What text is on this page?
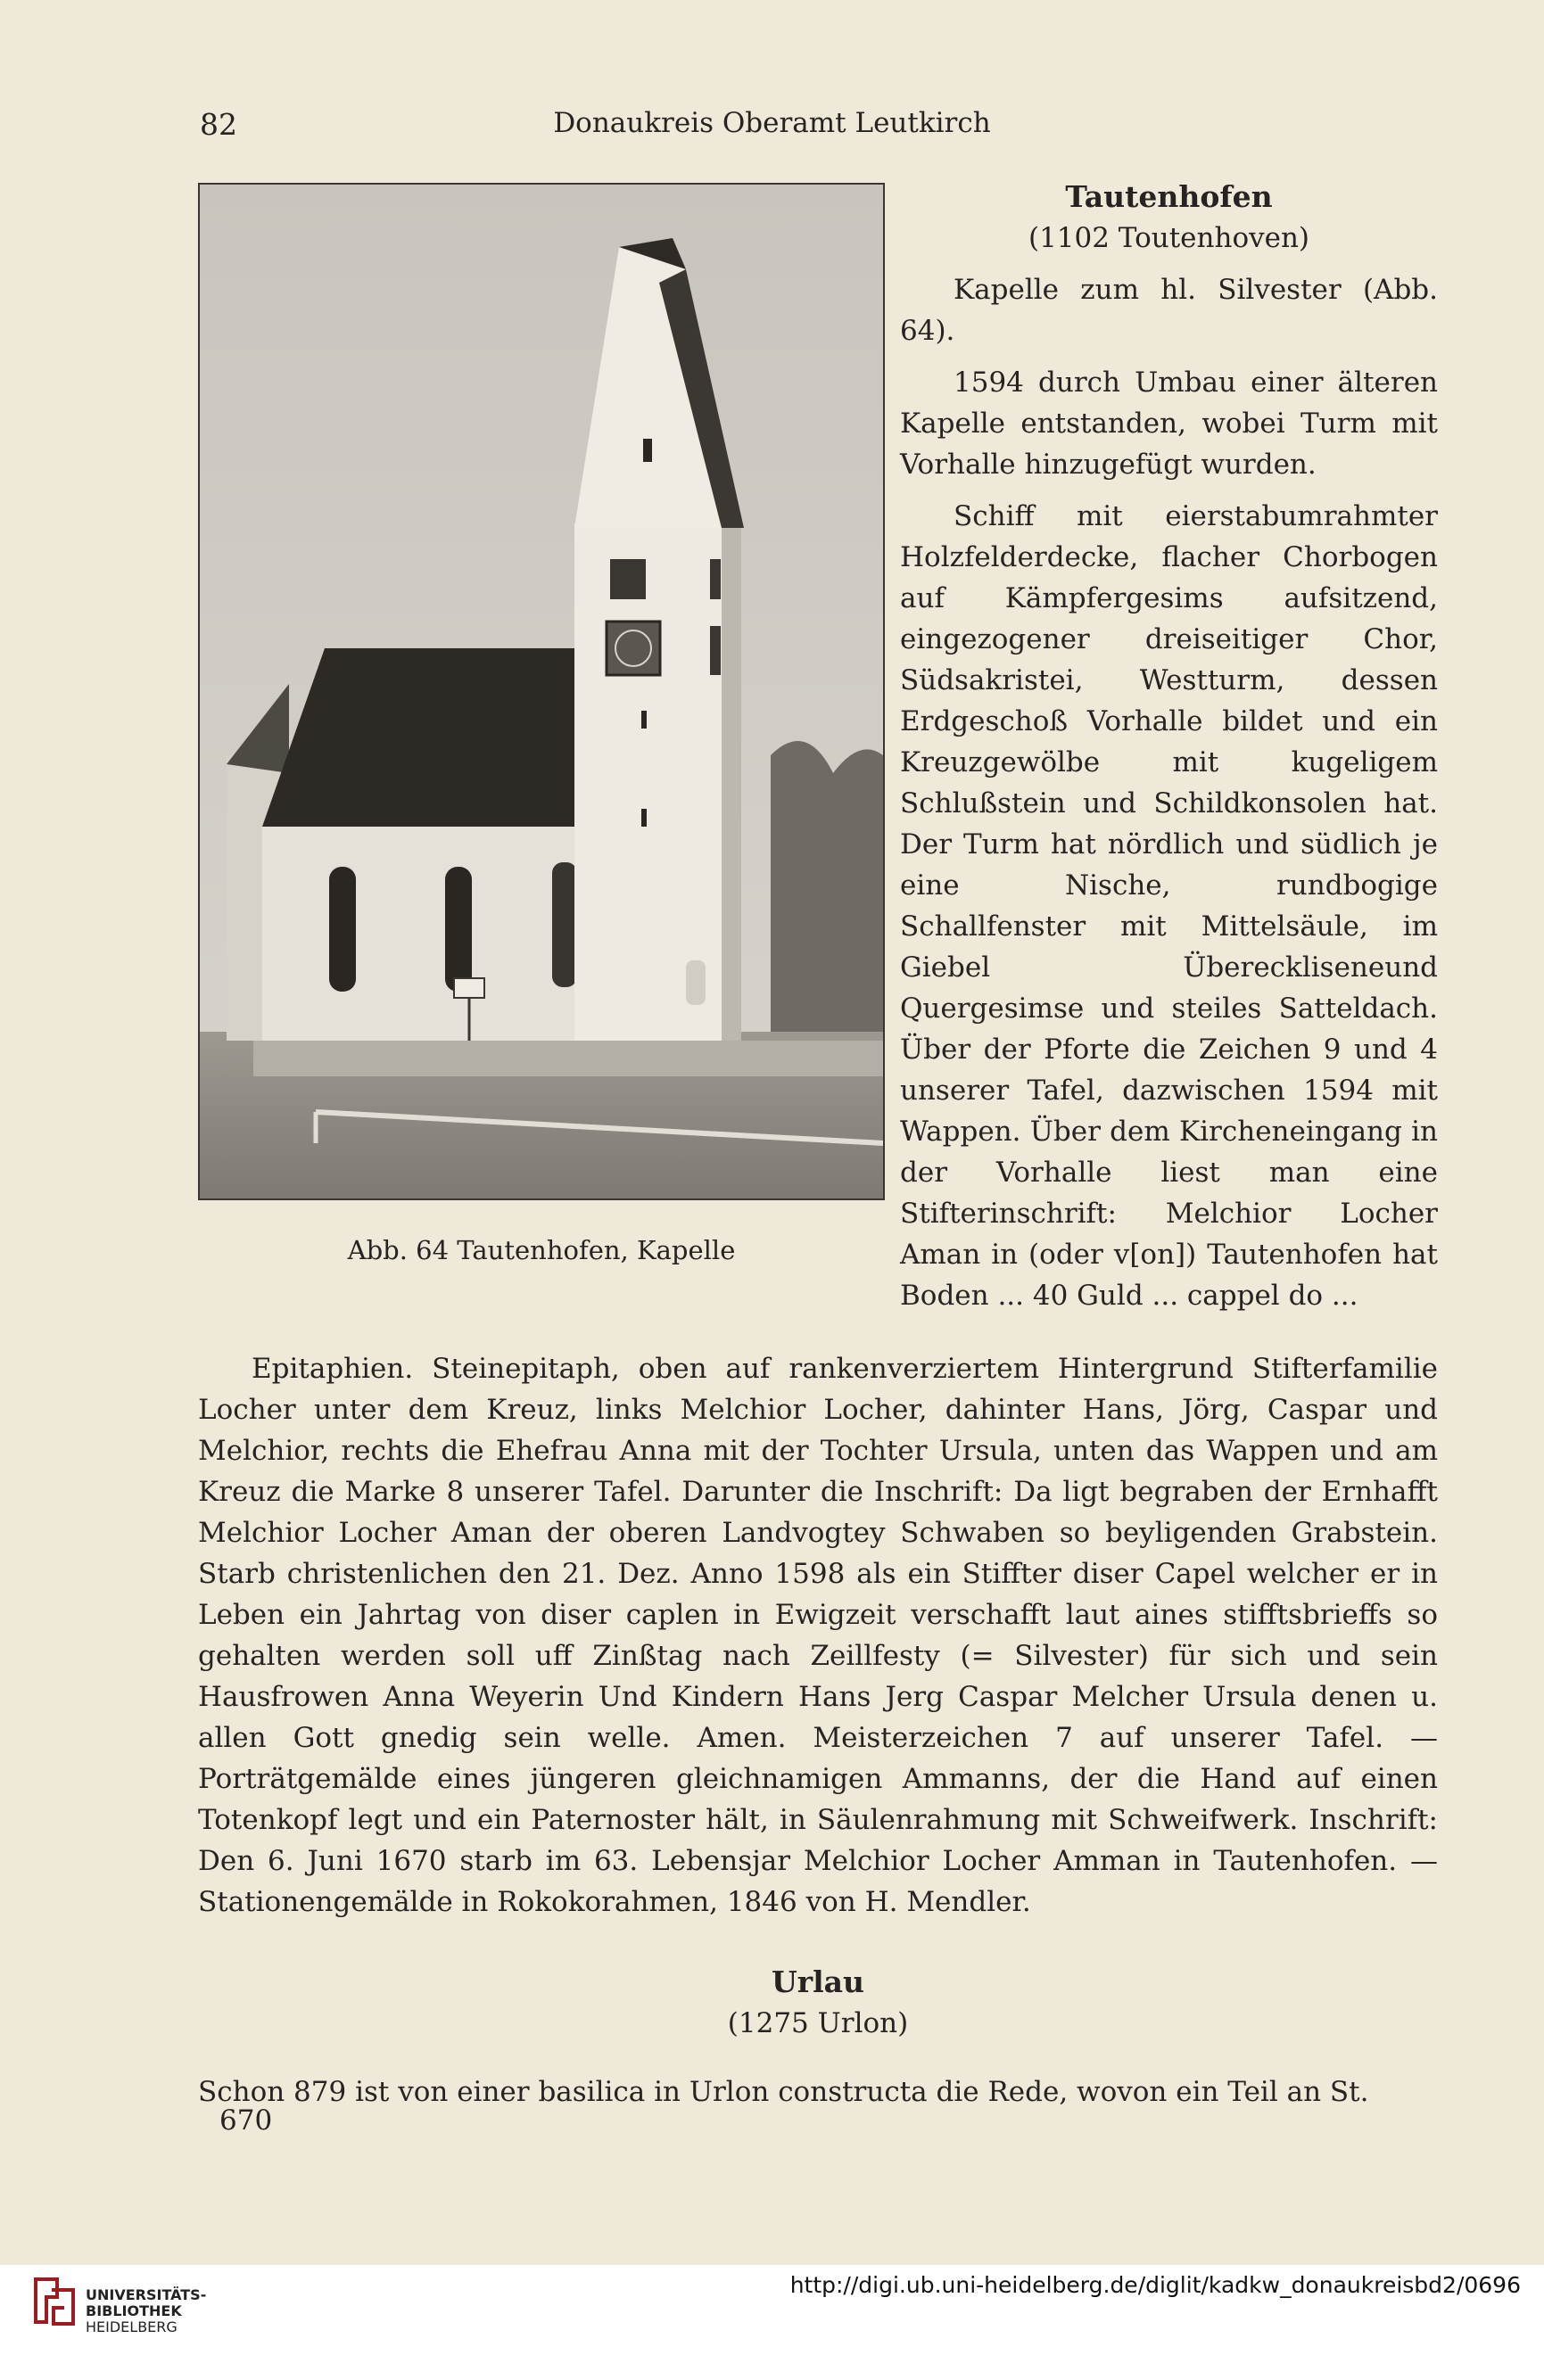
82	Donaukreis Oberamt Leutkirch
Abb. 64 Tautenhofen, Kapelle
Tautenhofen
(1102 Toutenhoven)

Kapelle zum hl. Silvester (Abb. 64).

1594 durch Umbau einer älteren Kapelle entstanden, wobei Turm mit Vorhalle hinzugefügt wurden.

Schiff mit eierstabumrahmter Holzfelderdecke, flacher Chorbogen auf Kämpfergesims aufsitzend, eingezogener dreiseitiger Chor, Südsakristei, Westturm, dessen Erdgeschoß Vorhalle bildet und ein Kreuzgewölbe mit kugeligem Schlußstein und Schildkonsolen hat. Der Turm hat nördlich und südlich je eine Nische, rundbogige Schallfenster mit Mittelsäule, im Giebel Übereckliseneund Quergesimse und steiles Satteldach. Über der Pforte die Zeichen 9 und 4 unserer Tafel, dazwischen 1594 mit Wappen. Über dem Kircheneingang in der Vorhalle liest man eine Stifterinschrift: Melchior Locher Aman in (oder v[on]) Tautenhofen hat Boden ... 40 Guld ... cappel do ...

Epitaphien. Steinepitaph, oben auf rankenverziertem Hintergrund Stifterfamilie Locher unter dem Kreuz, links Melchior Locher, dahinter Hans, Jörg, Caspar und Melchior, rechts die Ehefrau Anna mit der Tochter Ursula, unten das Wappen und am Kreuz die Marke 8 unserer Tafel. Darunter die Inschrift: Da ligt begraben der Ernhafft Melchior Locher Aman der oberen Landvogtey Schwaben so beyligenden Grabstein. Starb christenlichen den 21. Dez. Anno 1598 als ein Stiffter diser Capel welcher er in Leben ein Jahrtag von diser caplen in Ewigzeit verschafft laut aines stifftsbrieffs so gehalten werden soll uff Zinßtag nach Zeillfesty (= Silvester) für sich und sein Hausfrowen Anna Weyerin Und Kindern Hans Jerg Caspar Melcher Ursula denen u. allen Gott gnedig sein welle. Amen. Meisterzeichen 7 auf unserer Tafel. — Porträtgemälde eines jüngeren gleichnamigen Ammanns, der die Hand auf einen Totenkopf legt und ein Paternoster hält, in Säulenrahmung mit Schweifwerk. Inschrift: Den 6. Juni 1670 starb im 63. Lebensjar Melchior Locher Amman in Tautenhofen. — Stationengemälde in Rokokorahmen, 1846 von H. Mendler.

Urlau
(1275 Urlon)

Schon 879 ist von einer basilica in Urlon constructa die Rede, wovon ein Teil an St.

670
UNIVERSITÄTS-
BIBLIOTHEK
HEIDELBERG
http://digi.ub.uni-heidelberg.de/diglit/kadkw_donaukreisbd2/0696
